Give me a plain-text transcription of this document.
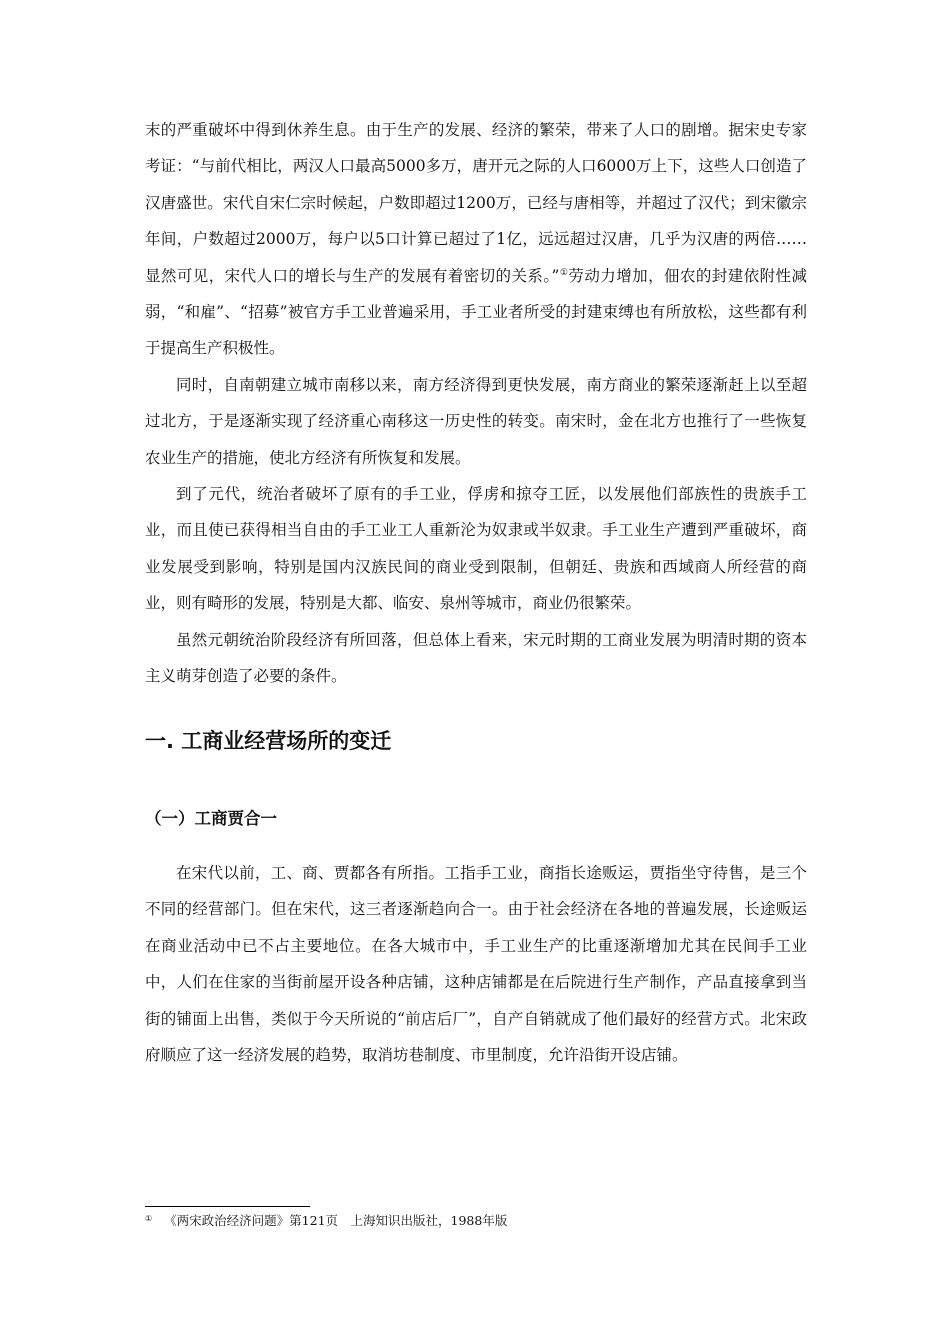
末的严重破坏中得到休养生息。由于生产的发展、经济的繁荣，带来了人口的剧增。据宋史专家考证：“与前代相比，两汉人口最高5000多万，唐开元之际的人口6000万上下，这些人口创造了汉唐盛世。宋代自宋仁宗时候起，户数即超过1200万，已经与唐相等，并超过了汉代；到宋徽宗年间，户数超过2000万，每户以5口计算已超过了1亿，远远超过汉唐，几乎为汉唐的两倍……显然可见，宋代人口的增长与生产的发展有着密切的关系。”①劳动力增加，佃农的封建依附性减弱，“和雇”、“招募”被官方手工业普遍采用，手工业者所受的封建束缚也有所放松，这些都有利于提高生产积极性。

同时，自南朝建立城市南移以来，南方经济得到更快发展，南方商业的繁荣逐渐赶上以至超过北方，于是逐渐实现了经济重心南移这一历史性的转变。南宋时，金在北方也推行了一些恢复农业生产的措施，使北方经济有所恢复和发展。

到了元代，统治者破坏了原有的手工业，俘虏和掠夺工匠，以发展他们部族性的贵族手工业，而且使已获得相当自由的手工业工人重新沦为奴隶或半奴隶。手工业生产遭到严重破坏，商业发展受到影响，特别是国内汉族民间的商业受到限制，但朝廷、贵族和西域商人所经营的商业，则有畸形的发展，特别是大都、临安、泉州等城市，商业仍很繁荣。

虽然元朝统治阶段经济有所回落，但总体上看来，宋元时期的工商业发展为明清时期的资本主义萌芽创造了必要的条件。

一. 工商业经营场所的变迁
（一）工商贾合一

在宋代以前，工、商、贾都各有所指。工指手工业，商指长途贩运，贾指坐守待售，是三个不同的经营部门。但在宋代，这三者逐渐趋向合一。由于社会经济在各地的普遍发展，长途贩运在商业活动中已不占主要地位。在各大城市中，手工业生产的比重逐渐增加尤其在民间手工业中，人们在住家的当街前屋开设各种店铺，这种店铺都是在后院进行生产制作，产品直接拿到当街的铺面上出售，类似于今天所说的“前店后厂”，自产自销就成了他们最好的经营方式。北宋政府顺应了这一经济发展的趋势，取消坊巷制度、市里制度，允许沿街开设店铺。

① 《两宋政治经济问题》第121页　上海知识出版社，1988年版
